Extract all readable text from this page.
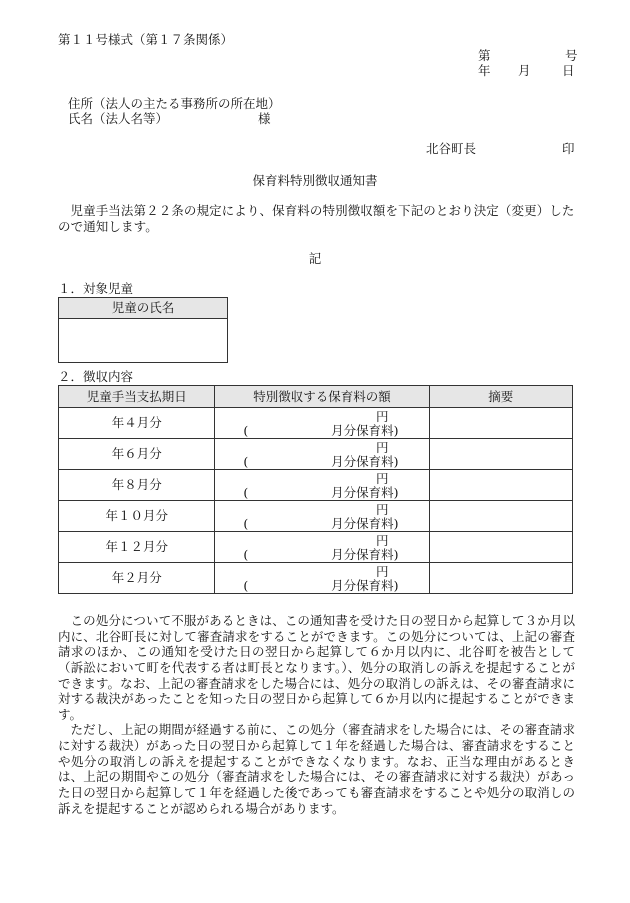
第１１号様式（第１７条関係）
第	号
年 月	日
住所（法人の主たる事務所の所在地）
氏名（法人名等）	様
北谷町長	印
保育料特別徴収通知書
児童手当法第２２条の規定により、保育料の特別徴収額を下記のとおり決定（変更）したので通知します。
記
１．対象児童
児童の氏名

２．徴収内容
児童手当支払期日	特別徴収する保育料の額	摘要
年４月分	円
( 月分保育料)	

年６月分	円
( 月分保育料)	

年８月分	円
( 月分保育料)	

年１０月分	円
( 月分保育料)	

年１２月分	円
( 月分保育料)	

年２月分	円
( 月分保育料)	

この処分について不服があるときは、この通知書を受けた日の翌日から起算して３か月以内に、北谷町長に対して審査請求をすることができます。この処分については、上記の審査請求のほか、この通知を受けた日の翌日から起算して６か月以内に、北谷町を被告として（訴訟において町を代表する者は町長となります。）、処分の取消しの訴えを提起することができます。なお、上記の審査請求をした場合には、処分の取消しの訴えは、その審査請求に対する裁決があったことを知った日の翌日から起算して６か月以内に提起することができます。

ただし、上記の期間が経過する前に、この処分（審査請求をした場合には、その審査請求に対する裁決）があった日の翌日から起算して１年を経過した場合は、審査請求をすることや処分の取消しの訴えを提起することができなくなります。なお、正当な理由があるときは、上記の期間やこの処分（審査請求をした場合には、その審査請求に対する裁決）があった日の翌日から起算して１年を経過した後であっても審査請求をすることや処分の取消しの訴えを提起することが認められる場合があります。
